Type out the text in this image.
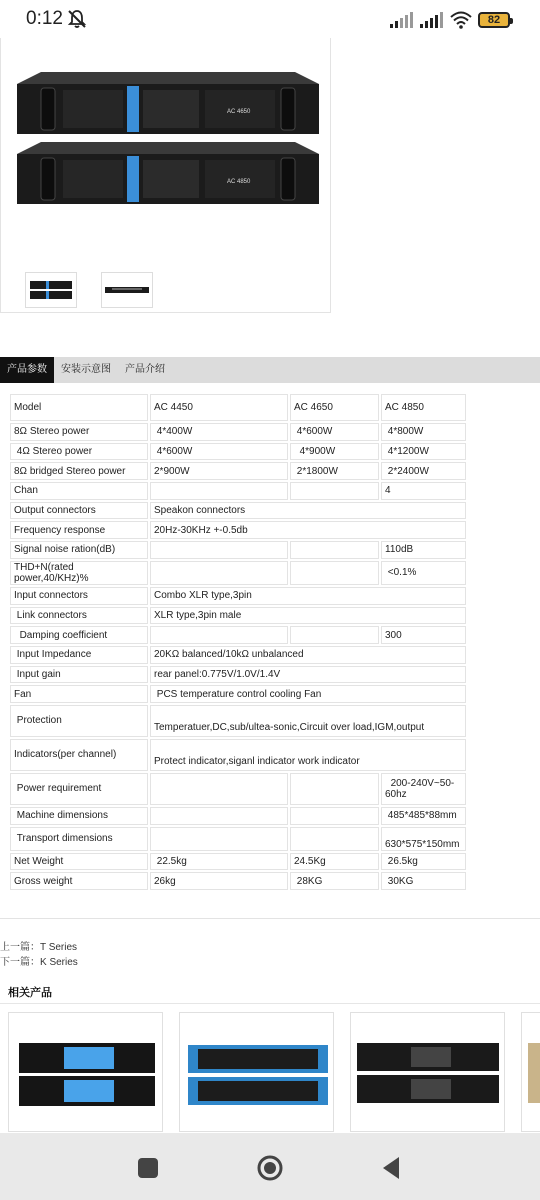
0:12	82
AC 4650
AC 4850
产品参数	安装示意图	产品介绍
Model	AC 4450	AC 4650	AC 4850
8Ω Stereo power	4*400W	4*600W	4*800W
4Ω Stereo power	4*600W	4*900W	4*1200W
8Ω bridged Stereo power	2*900W	2*1800W	2*2400W
Chan			4
Output connectors	Speakon connectors		
Frequency response	20Hz-30KHz +-0.5db		
Signal noise ration(dB)			110dB
THD+N(rated power,40/KHz)%			<0.1%
Input connectors	Combo XLR type,3pin		
Link connectors	XLR type,3pin male		
Damping coefficient			300
Input Impedance	20KΩ balanced/10kΩ unbalanced		
Input gain	rear panel:0.775V/1.0V/1.4V		
Fan	PCS temperature control cooling Fan		
Protection	Temperatuer,DC,sub/ultea-sonic,Circuit over load,IGM,output		
Indicators(per channel)	Protect indicator,siganl indicator work indicator		
Power requirement			200-240V~50-60hz
Machine dimensions			485*485*88mm
Transport dimensions			630*575*150mm
Net Weight	22.5kg	24.5Kg	26.5kg
Gross weight	26kg	28KG	30KG
上一篇：T Series
下一篇：K Series
相关产品
